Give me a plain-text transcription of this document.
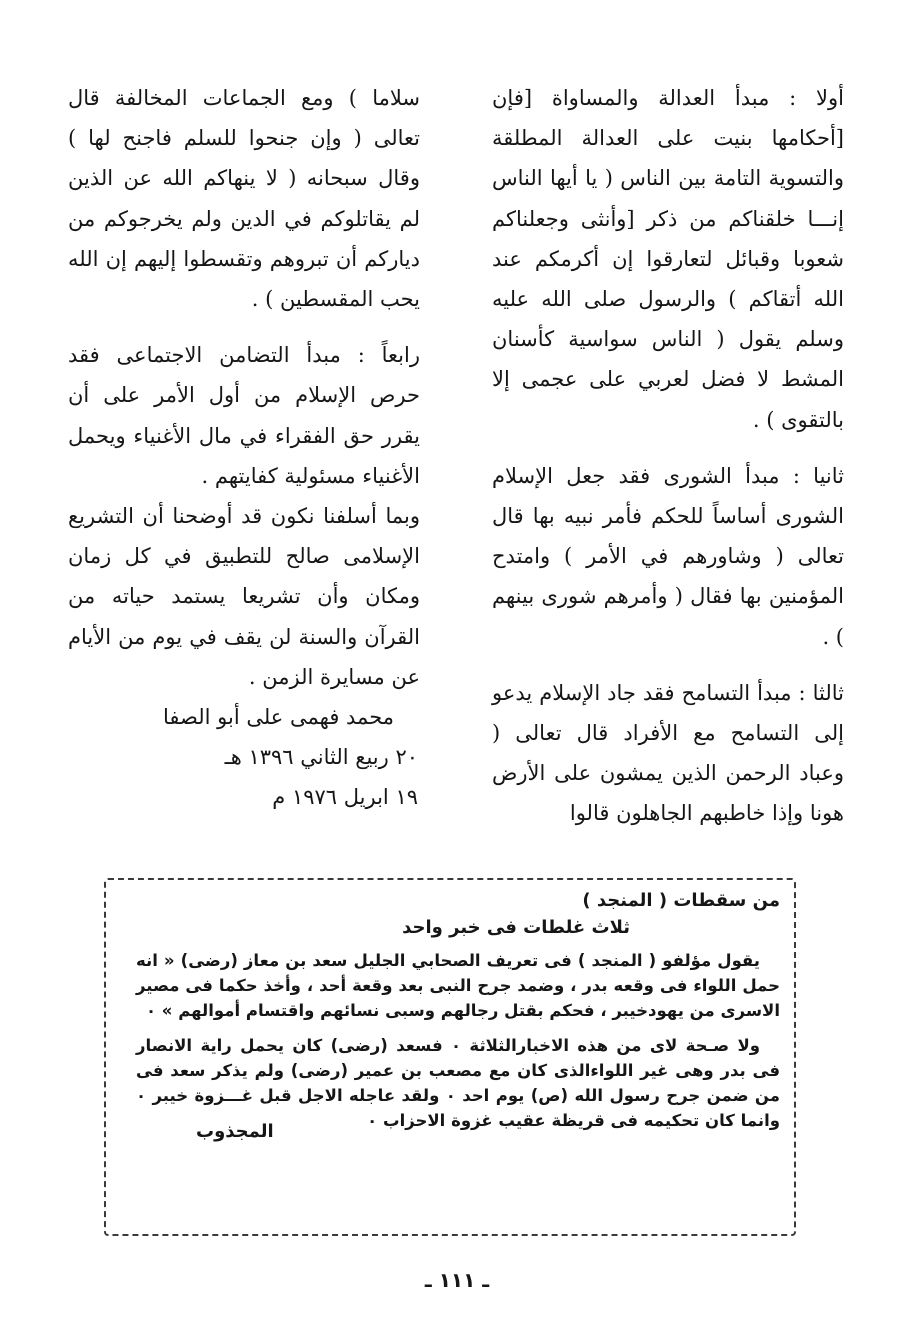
أولا : مبدأ العدالة والمساواة [فإن [أحكامها بنيت على العدالة المطلقة والتسوية التامة بين الناس ( يا أيها الناس إنـــا خلقناكم من ذكر [وأنثى وجعلناكم شعوبا وقبائل لتعارقوا إن أكرمكم عند الله أتقاكم ) والرسول صلى الله عليه وسلم يقول ( الناس سواسية كأسنان المشط لا فضل لعربي على عجمى إلا بالتقوى ) .

ثانيا : مبدأ الشورى فقد جعل الإسلام الشورى أساساً للحكم فأمر نبيه بها قال تعالى ( وشاورهم في الأمر ) وامتدح المؤمنين بها فقال ( وأمرهم شورى بينهم ) .

ثالثا : مبدأ التسامح فقد جاد الإسلام يدعو إلى التسامح مع الأفراد قال تعالى ( وعباد الرحمن الذين يمشون على الأرض هونا وإذا خاطبهم الجاهلون قالوا

سلاما ) ومع الجماعات المخالفة قال تعالى ( وإن جنحوا للسلم فاجنح لها ) وقال سبحانه ( لا ينهاكم الله عن الذين لم يقاتلوكم في الدين ولم يخرجوكم من دياركم أن تبروهم وتقسطوا إليهم إن الله يحب المقسطين ) .

رابعاً : مبدأ التضامن الاجتماعى فقد حرص الإسلام من أول الأمر على أن يقرر حق الفقراء في مال الأغنياء ويحمل الأغنياء مسئولية كفايتهم .

وبما أسلفنا نكون قد أوضحنا أن التشريع الإسلامى صالح للتطبيق في كل زمان ومكان وأن تشريعا يستمد حياته من القرآن والسنة لن يقف في يوم من الأيام عن مسايرة الزمن .

محمد فهمى على أبو الصفا

٢٠ ربيع الثاني ١٣٩٦ هـ

١٩ ابريل ١٩٧٦ م

من سقطات ( المنجد )

ثلاث غلطات فى خبر واحد

يقول مؤلفو ( المنجد ) فى تعريف الصحابي الجليل سعد بن معاز (رضى) « انه حمل اللواء فى وقعه بدر ، وضمد جرح النبى بعد وقعة أحد ، وأخذ حكما فى مصير الاسرى من يهودخيبر ، فحكم بقتل رجالهم وسبى نسائهم واقتسام أموالهم » ٠

ولا صـحة لاى من هذه الاخبارالثلاثة ٠ فسعد (رضى) كان يحمل راية الانصار فى بدر وهى غير اللواءالذى كان مع مصعب بن عمير (رضى) ولم يذكر سعد فى من ضمن جرح رسول الله (ص) يوم احد ٠ ولقد عاجله الاجل قبل غـــزوة خيبر ٠ وانما كان تحكيمه فى قريظة عقيب غزوة الاحزاب ٠

المجذوب

ـ ١١١ ـ
